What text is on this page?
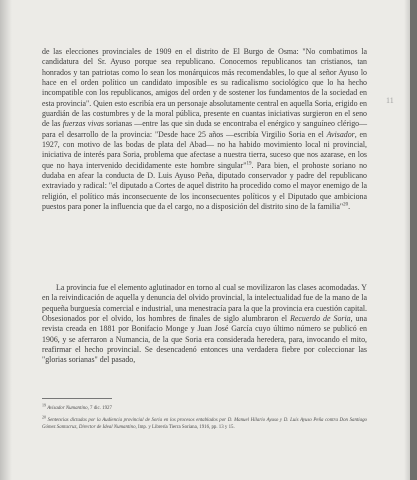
de las elecciones provinciales de 1909 en el distrito de El Burgo de Osma: "No combatimos la candidatura del Sr. Ayuso porque sea republicano. Conocemos republicanos tan cristianos, tan honrados y tan patriotas como lo sean los monárquicos más recomendables, lo que al señor Ayuso lo hace en el orden político un candidato imposible es su radicalismo sociológico que lo ha hecho incompatible con los republicanos, amigos del orden y de sostener los fundamentos de la sociedad en esta provincia". Quien esto escribía era un personaje absolutamente central en aquella Soria, erigido en guardián de las costumbres y de la moral pública, presente en cuantas iniciativas surgieron en el seno de las fuerzas vivas sorianas —entre las que sin duda se encontraba el enérgico y sanguíneo clérigo— para el desarrollo de la provincia: "Desde hace 25 años —escribía Virgilio Soria en el Avisador, en 1927, con motivo de las bodas de plata del Abad— no ha habido movimiento local ni provincial, iniciativa de interés para Soria, problema que afectase a nuestra tierra, suceso que nos azarase, en los que no haya intervenido decididamente este hombre singular"$^{19}$. Para bien, el prohoste soriano no dudaba en afear la conducta de D. Luis Ayuso Peña, diputado conservador y padre del republicano extraviado y radical: "el diputado a Cortes de aquel distrito ha procedido como el mayor enemigo de la religión, el político más inconsecuente de los inconsecuentes políticos y el Diputado que ambiciona puestos para poner la influencia que da el cargo, no a disposición del distrito sino de la familia"$^{20}$.

11

La provincia fue el elemento aglutinador en torno al cual se movilizaron las clases acomodadas. Y en la reivindicación de aquella y denuncia del olvido provincial, la intelectualidad fue de la mano de la pequeña burguesía comercial e industrial, una menestracía para la que la provincia era cuestión capital. Obsesionados por el olvido, los hombres de finales de siglo alumbraron el Recuerdo de Soria, una revista creada en 1881 por Bonifacio Monge y Juan José García cuyo último número se publicó en 1906, y se aferraron a Numancia, de la que Soria era considerada heredera, para, invocando el mito, reafirmar el hecho provincial. Se desencadenó entonces una verdadera fiebre por coleccionar las "glorias sorianas" del pasado,

$^{19}$ Avisador Numantino, 7 dic. 1927

$^{20}$ Sentencias dictadas por la Audiencia provincial de Soria en los procesos entablados por D. Manuel Hilario Ayuso y D. Luis Ayuso Peña contra Don Santiago Gómez Santacruz, Director de Ideal Numantino, Imp. y Librería Tierra Soriana, 1916, pp. 13 y 15.
